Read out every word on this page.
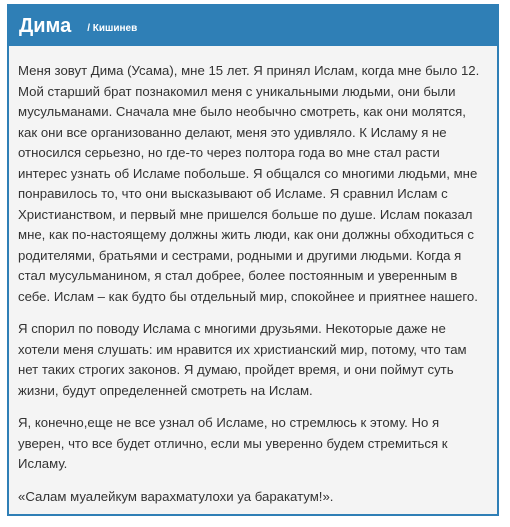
Дима / Кишинев

Меня зовут Дима (Усама), мне 15 лет. Я принял Ислам, когда мне было 12. Мой старший брат познакомил меня с уникальными людьми, они были мусульманами. Сначала мне было необычно смотреть, как они молятся, как они все организованно делают, меня это удивляло. К Исламу я не относился серьезно, но где-то через полтора года во мне стал расти интерес узнать об Исламе побольше. Я общался со многими людьми, мне понравилось то, что они высказывают об Исламе. Я сравнил Ислам с Христианством, и первый мне пришелся больше по душе. Ислам показал мне, как по-настоящему должны жить люди, как они должны обходиться с родителями, братьями и сестрами, родными и другими людьми. Когда я стал мусульманином, я стал добрее, более постоянным и уверенным в себе. Ислам – как будто бы отдельный мир, спокойнее и приятнее нашего.

Я спорил по поводу Ислама с многими друзьями. Некоторые даже не хотели меня слушать: им нравится их христианский мир, потому, что там нет таких строгих законов. Я думаю, пройдет время, и они поймут суть жизни, будут определенней смотреть на Ислам.

Я, конечно,еще не все узнал об Исламе, но стремлюсь к этому. Но я уверен, что все будет отлично, если мы уверенно будем стремиться к Исламу.

«Салам муалейкум варахматулохи уа баракатум!».
